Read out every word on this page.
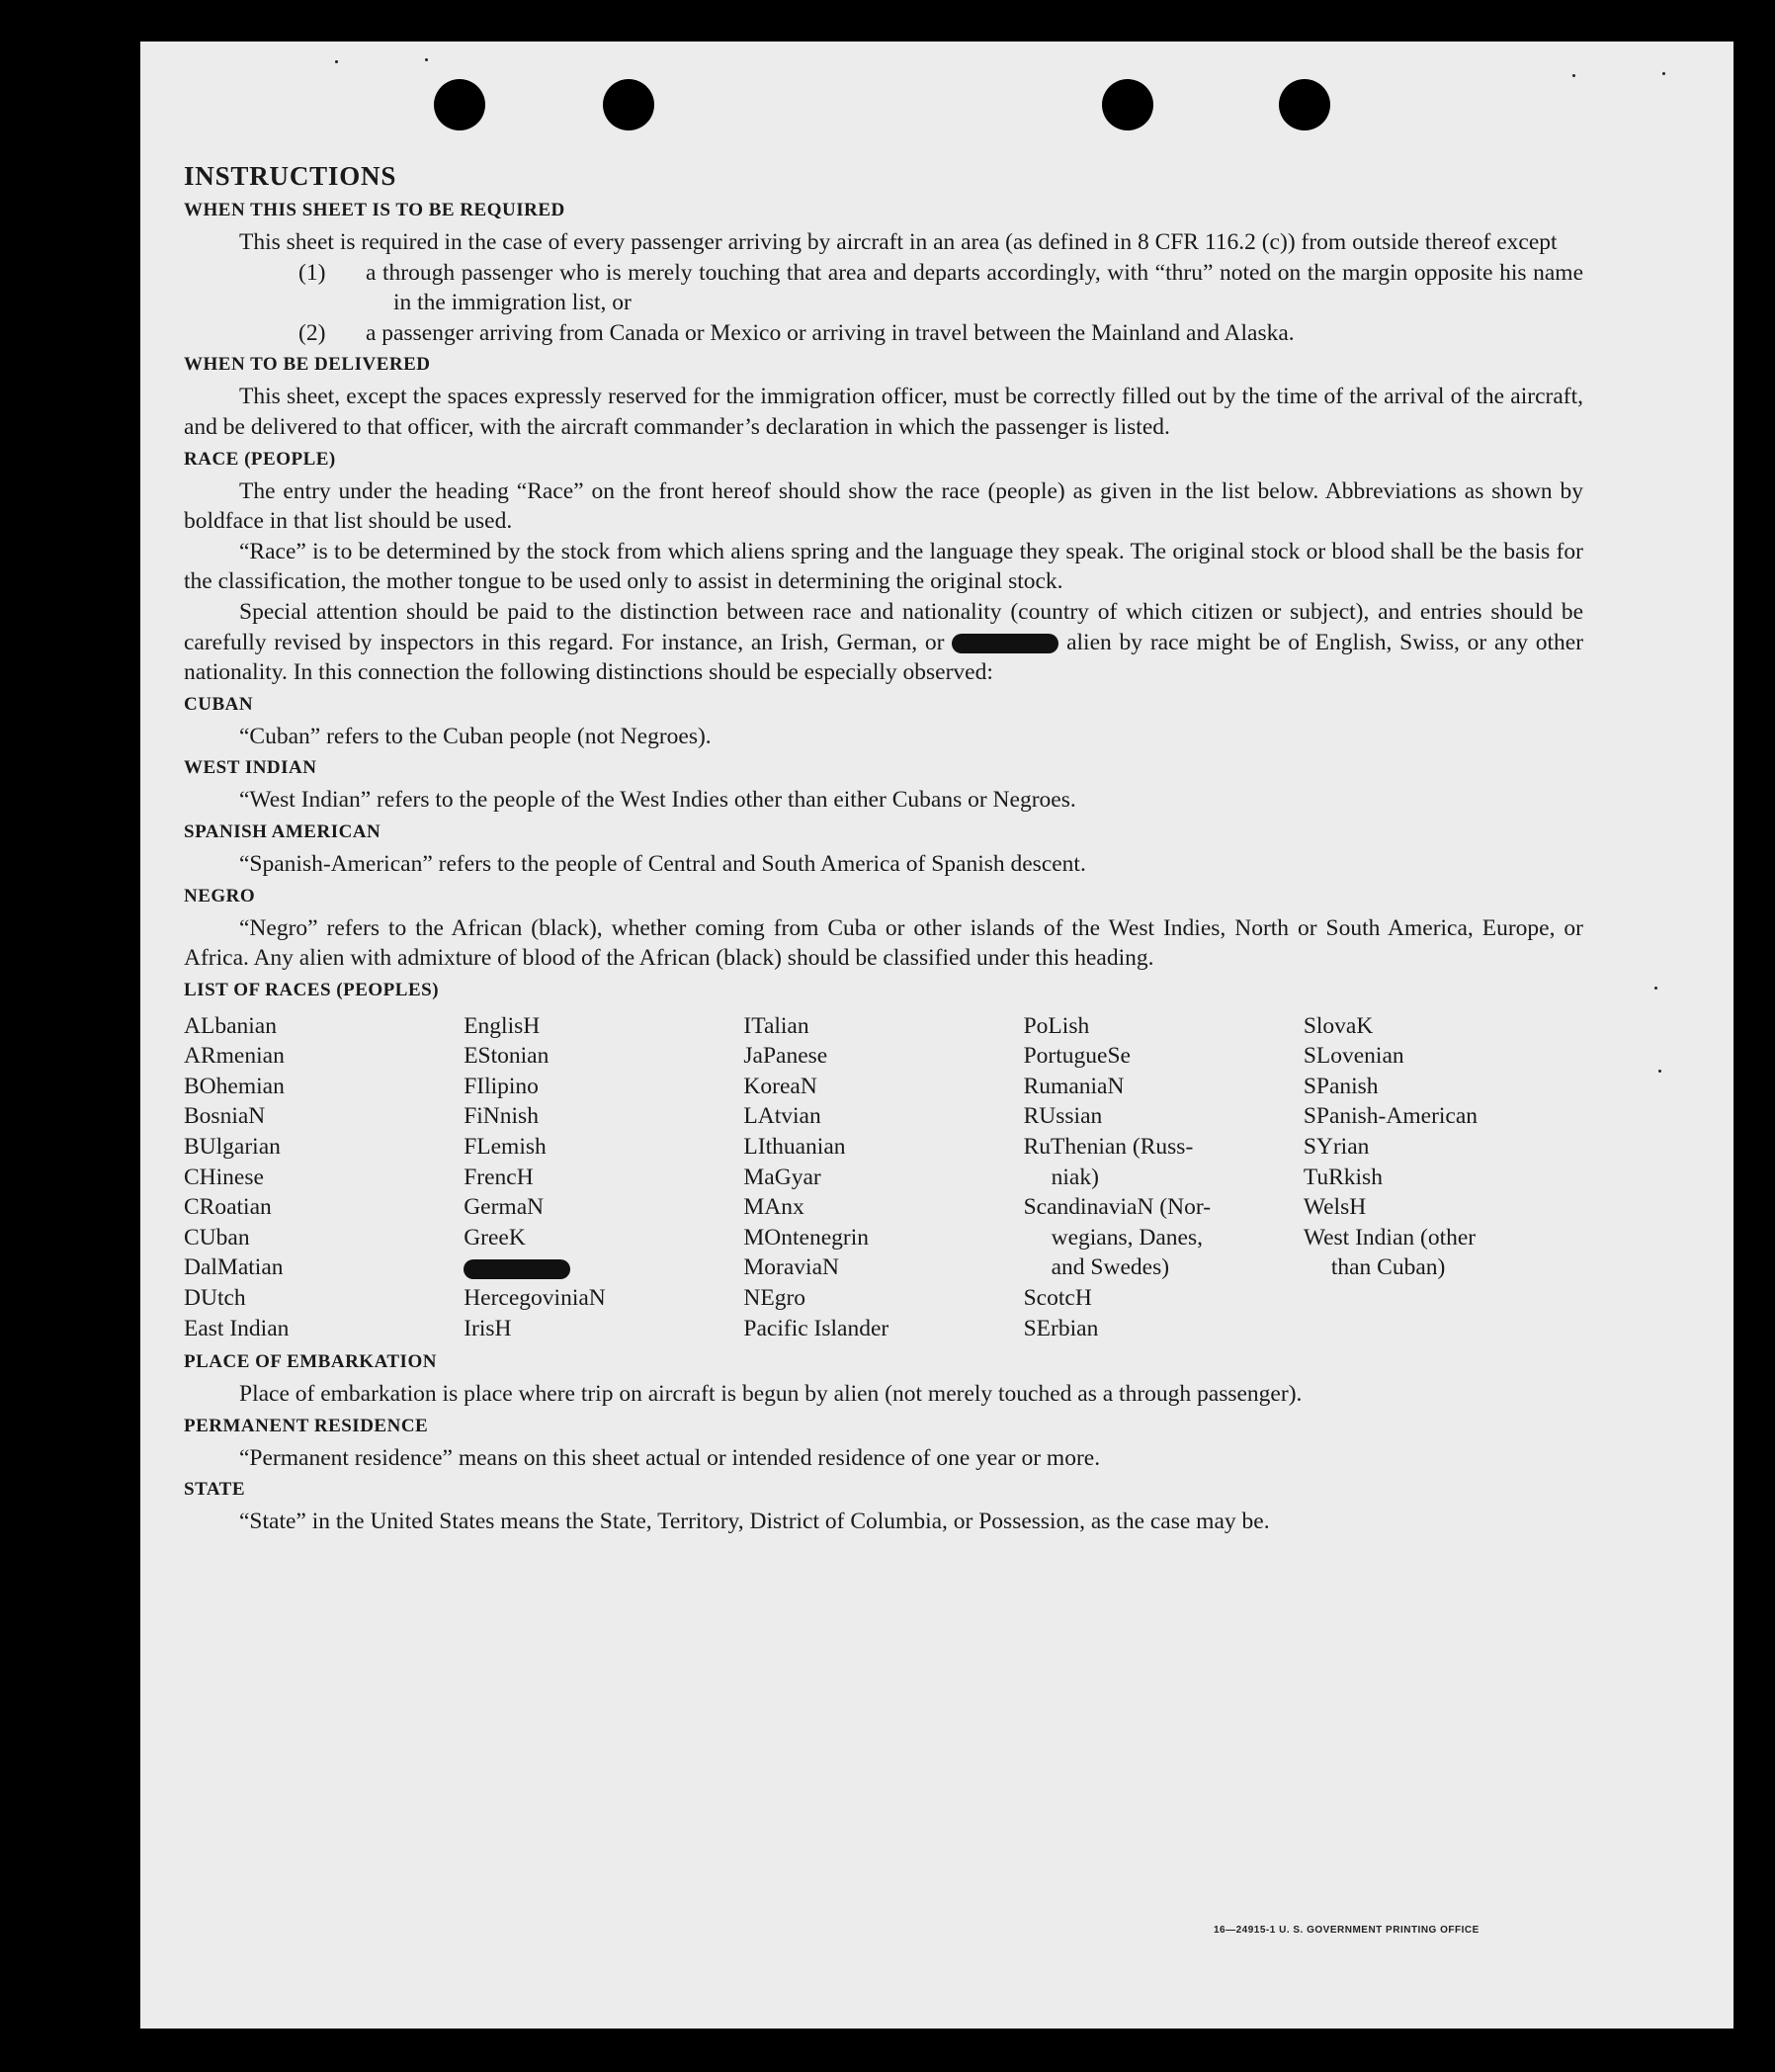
INSTRUCTIONS

WHEN THIS SHEET IS TO BE REQUIRED

This sheet is required in the case of every passenger arriving by aircraft in an area (as defined in 8 CFR 116.2 (c)) from outside thereof except

(1)	a through passenger who is merely touching that area and departs accordingly, with “thru” noted on the margin opposite his name in the immigration list, or
(2)	a passenger arriving from Canada or Mexico or arriving in travel between the Mainland and Alaska.

WHEN TO BE DELIVERED

This sheet, except the spaces expressly reserved for the immigration officer, must be correctly filled out by the time of the arrival of the aircraft, and be delivered to that officer, with the aircraft commander’s declaration in which the passenger is listed.

RACE (PEOPLE)

The entry under the heading “Race” on the front hereof should show the race (people) as given in the list below. Abbreviations as shown by boldface in that list should be used.

“Race” is to be determined by the stock from which aliens spring and the language they speak. The original stock or blood shall be the basis for the classification, the mother tongue to be used only to assist in determining the original stock.

Special attention should be paid to the distinction between race and nationality (country of which citizen or subject), and entries should be carefully revised by inspectors in this regard. For instance, an Irish, German, or	alien by race might be of English, Swiss, or any other nationality. In this connection the following distinctions should be especially observed:

CUBAN

“Cuban” refers to the Cuban people (not Negroes).

WEST INDIAN

“West Indian” refers to the people of the West Indies other than either Cubans or Negroes.

SPANISH AMERICAN

“Spanish-American” refers to the people of Central and South America of Spanish descent.

NEGRO

“Negro” refers to the African (black), whether coming from Cuba or other islands of the West Indies, North or South America, Europe, or Africa. Any alien with admixture of blood of the African (black) should be classified under this heading.

LIST OF RACES (PEOPLES)

ALbanian
ARmenian
BOhemian
BosniaN
BUlgarian
CHinese
CRoatian
CUban
DalMatian
DUtch
East Indian
EnglisH
EStonian
FIlipino
FiNnish
FLemish
FrencH
GermaN
GreeK
HercegoviniaN
IrisH
ITalian
JaPanese
KoreaN
LAtvian
LIthuanian
MaGyar
MAnx
MOntenegrin
MoraviaN
NEgro
Pacific Islander
PoLish
PortugueSe
RumaniaN
RUssian
RuThenian (Russ-
niak)
ScandinaviaN (Nor-
wegians, Danes,
and Swedes)
ScotcH
SErbian
SlovaK
SLovenian
SPanish
SPanish-American
SYrian
TuRkish
WelsH
West Indian (other
than Cuban)

PLACE OF EMBARKATION

Place of embarkation is place where trip on aircraft is begun by alien (not merely touched as a through passenger).

PERMANENT RESIDENCE

“Permanent residence” means on this sheet actual or intended residence of one year or more.

STATE

“State” in the United States means the State, Territory, District of Columbia, or Possession, as the case may be.

16—24915-1 U. S. GOVERNMENT PRINTING OFFICE
